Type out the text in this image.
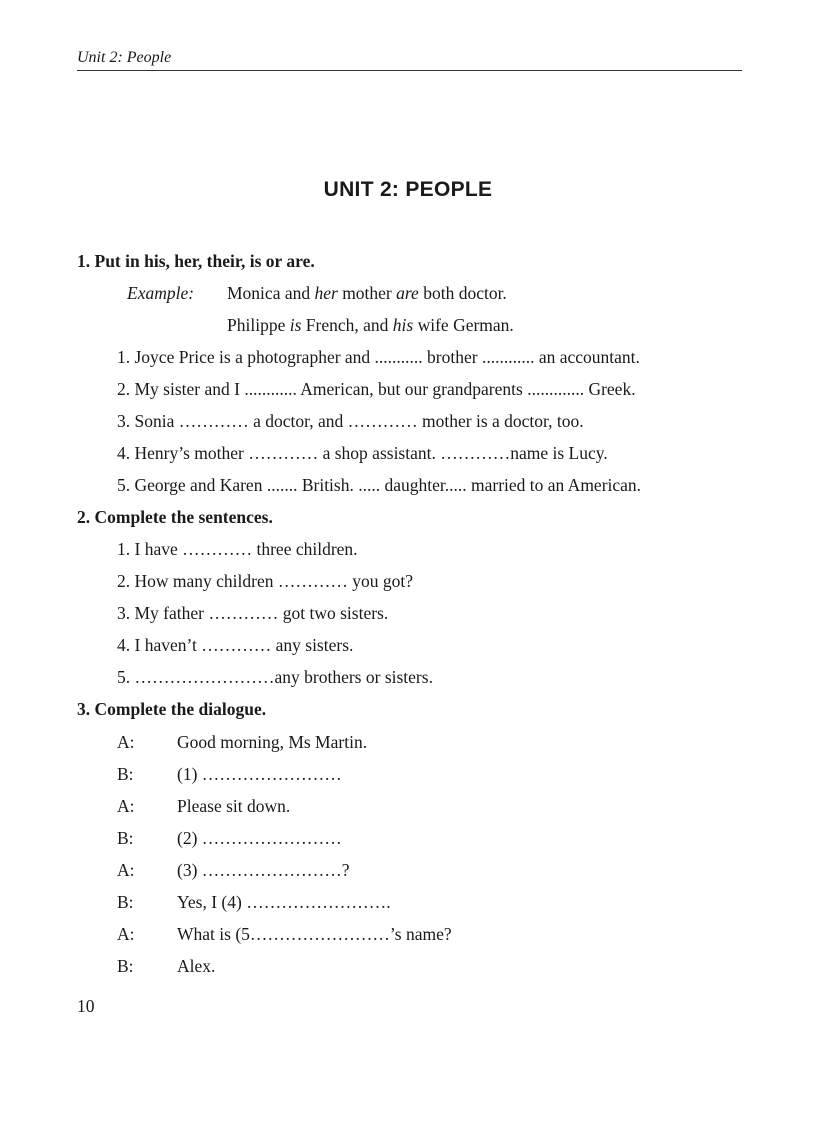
Unit 2: People
UNIT 2: PEOPLE
1. Put in his, her, their, is or are.
Example: Monica and her mother are both doctor.
Philippe is French, and his wife German.
1. Joyce Price is a photographer and ........... brother ............ an accountant.
2. My sister and I ............ American, but our grandparents ............. Greek.
3. Sonia ………… a doctor, and ………… mother is a doctor, too.
4. Henry’s mother ………… a shop assistant. …………name is Lucy.
5. George and Karen ....... British. ..... daughter..... married to an American.
2. Complete the sentences.
1. I have ………… three children.
2. How many children ………… you got?
3. My father ………… got two sisters.
4. I haven’t ………… any sisters.
5. ……………………any brothers or sisters.
3. Complete the dialogue.
A: Good morning, Ms Martin.
B: (1) ……………………
A: Please sit down.
B: (2) ……………………
A: (3) ……………………?
B: Yes, I (4) …………………….
A: What is (5……………………’s name?
B: Alex.
10
